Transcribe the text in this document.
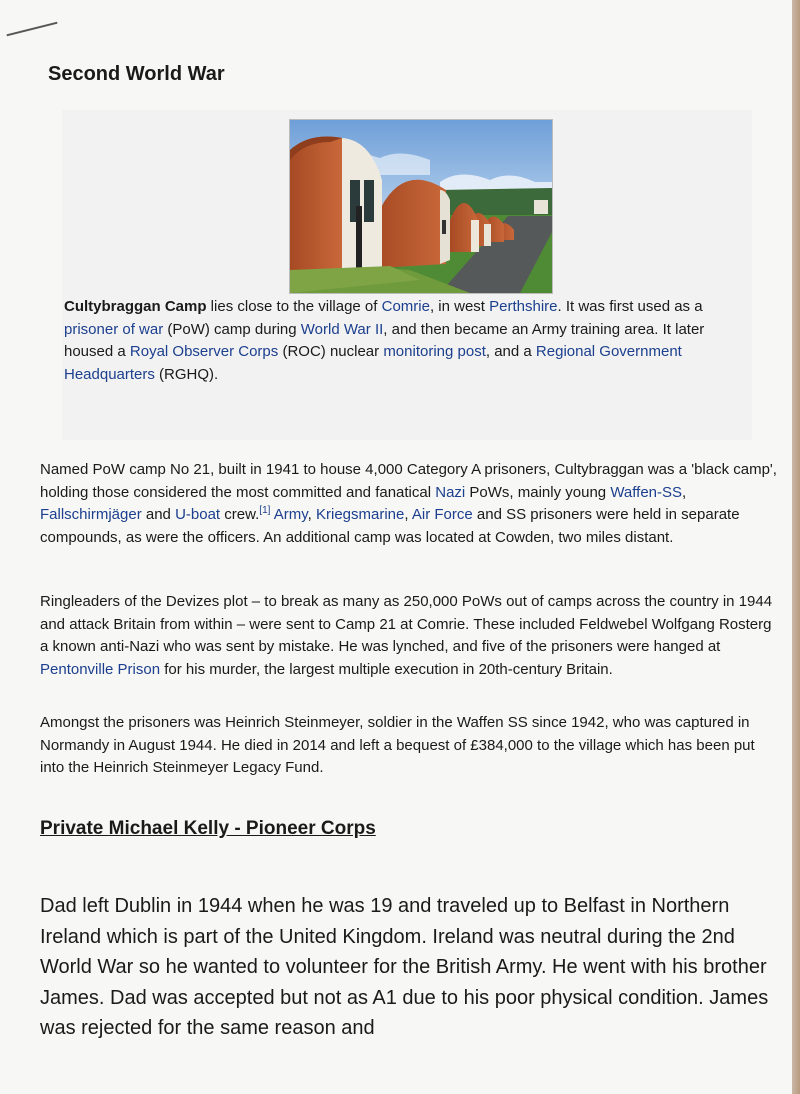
Second World War

Cultybraggan Camp lies close to the village of Comrie, in west Perthshire. It was first used as a prisoner of war (PoW) camp during World War II, and then became an Army training area. It later housed a Royal Observer Corps (ROC) nuclear monitoring post, and a Regional Government Headquarters (RGHQ).

Named PoW camp No 21, built in 1941 to house 4,000 Category A prisoners, Cultybraggan was a 'black camp', holding those considered the most committed and fanatical Nazi PoWs, mainly young Waffen-SS, Fallschirmjäger and U-boat crew.[1] Army, Kriegsmarine, Air Force and SS prisoners were held in separate compounds, as were the officers. An additional camp was located at Cowden, two miles distant.

Ringleaders of the Devizes plot – to break as many as 250,000 PoWs out of camps across the country in 1944 and attack Britain from within – were sent to Camp 21 at Comrie. These included Feldwebel Wolfgang Rosterg a known anti-Nazi who was sent by mistake. He was lynched, and five of the prisoners were hanged at Pentonville Prison for his murder, the largest multiple execution in 20th-century Britain.

Amongst the prisoners was Heinrich Steinmeyer, soldier in the Waffen SS since 1942, who was captured in Normandy in August 1944. He died in 2014 and left a bequest of £384,000 to the village which has been put into the Heinrich Steinmeyer Legacy Fund.

Private Michael Kelly - Pioneer Corps

Dad left Dublin in 1944 when he was 19 and traveled up to Belfast in Northern Ireland which is part of the United Kingdom. Ireland was neutral during the 2nd World War so he wanted to volunteer for the British Army. He went with his brother James. Dad was accepted but not as A1 due to his poor physical condition. James was rejected for the same reason and
